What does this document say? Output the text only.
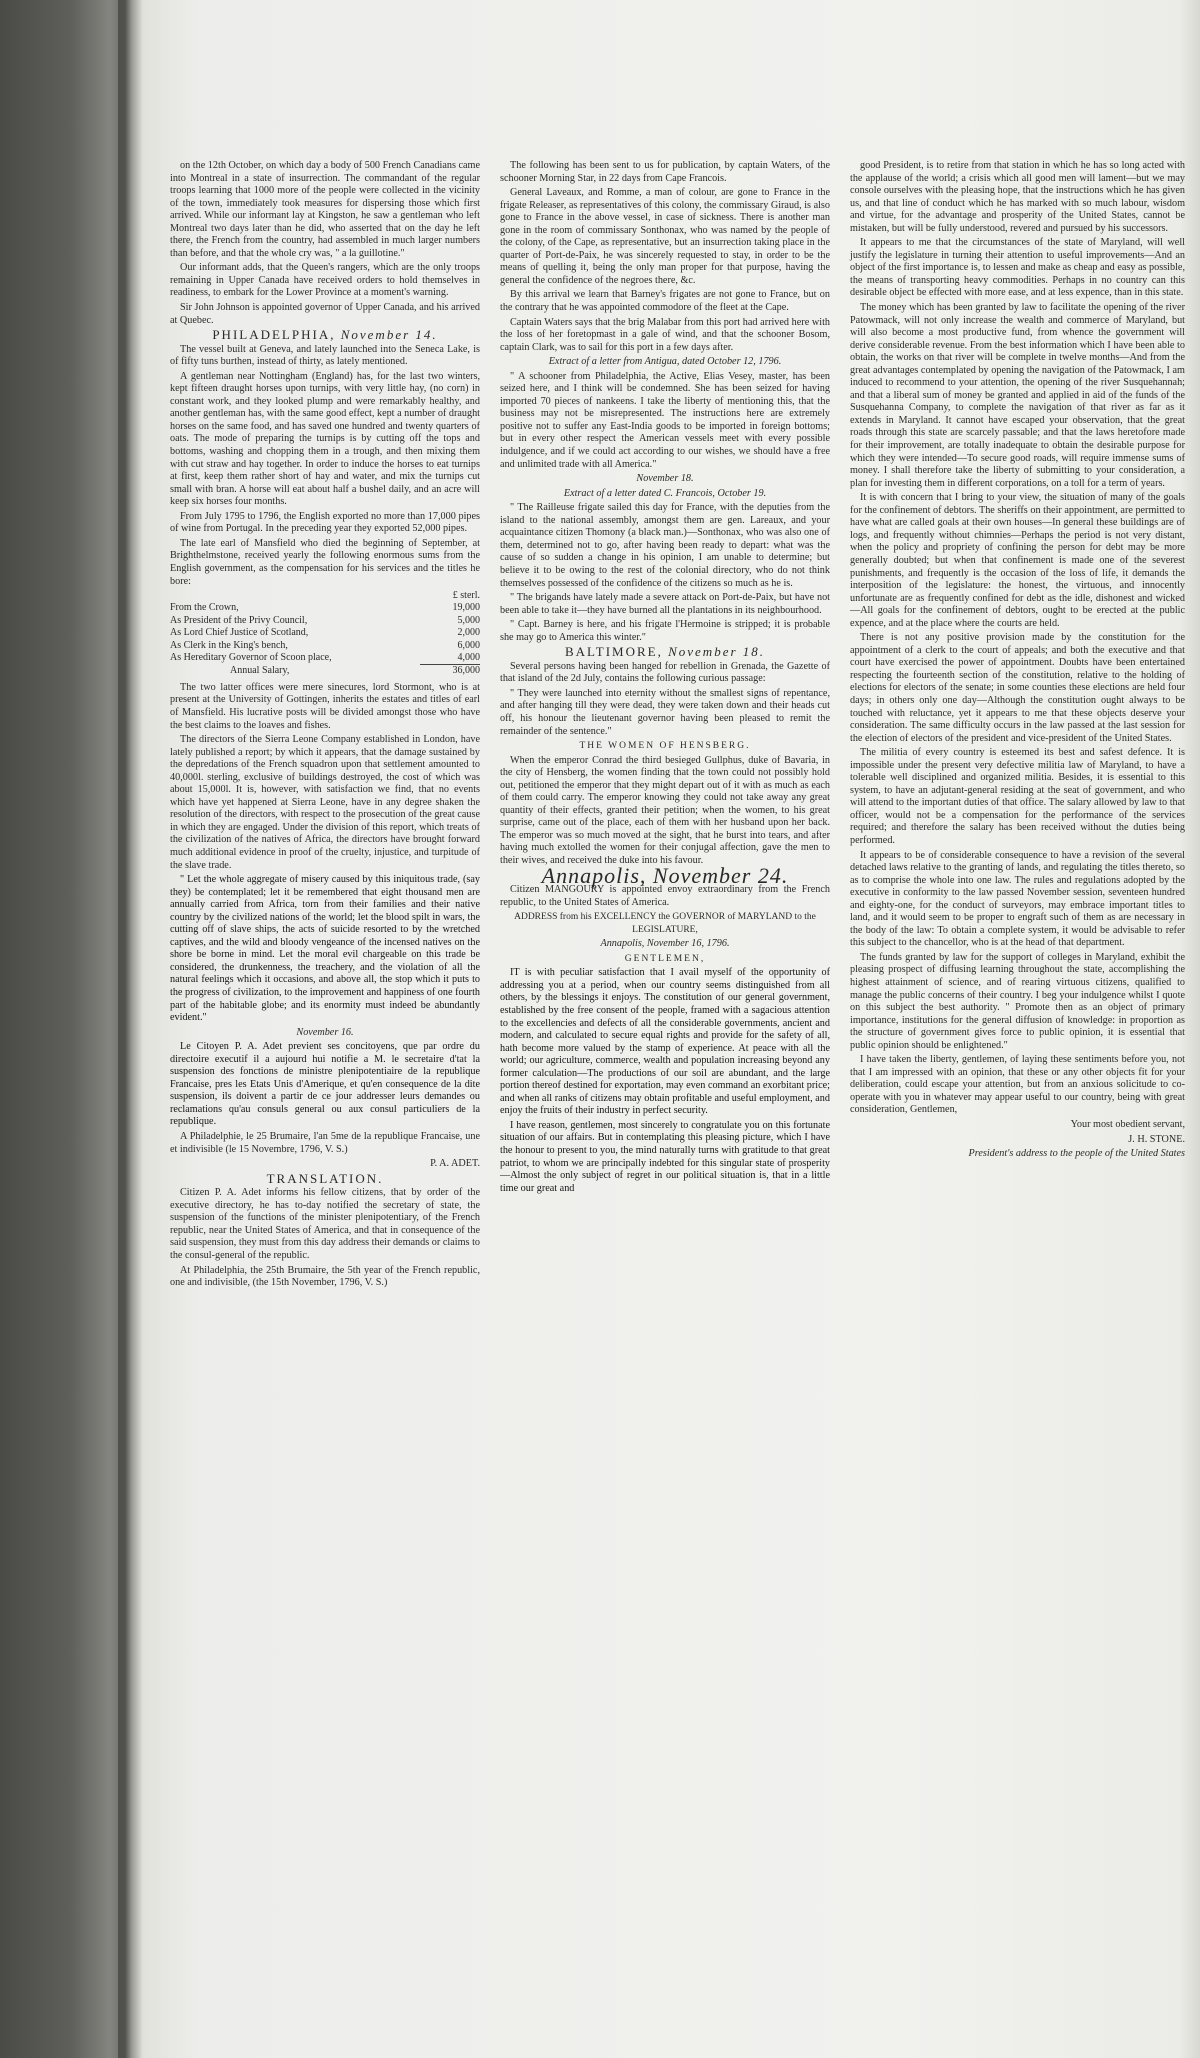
on the 12th October, on which day a body of 500 French Canadians came into Montreal in a state of insurrection. The commandant of the regular troops learning that 1000 more of the people were collected in the vicinity of the town, immediately took measures for dispersing those which first arrived. While our informant lay at Kingston, he saw a gentleman who left Montreal two days later than he did, who asserted that on the day he left there, the French from the country, had assembled in much larger numbers than before, and that the whole cry was, " a la guillotine."

Our informant adds, that the Queen's rangers, which are the only troops remaining in Upper Canada have received orders to hold themselves in readiness, to embark for the Lower Province at a moment's warning.

Sir John Johnson is appointed governor of Upper Canada, and his arrived at Quebec.

PHILADELPHIA, November 14.

The vessel built at Geneva, and lately launched into the Seneca Lake, is of fifty tuns burthen, instead of thirty, as lately mentioned.

A gentleman near Nottingham (England) has, for the last two winters, kept fifteen draught horses upon turnips, with very little hay, (no corn) in constant work, and they looked plump and were remarkably healthy, and another gentleman has, with the same good effect, kept a number of draught horses on the same food, and has saved one hundred and twenty quarters of oats. The mode of preparing the turnips is by cutting off the tops and bottoms, washing and chopping them in a trough, and then mixing them with cut straw and hay together. In order to induce the horses to eat turnips at first, keep them rather short of hay and water, and mix the turnips cut small with bran. A horse will eat about half a bushel daily, and an acre will keep six horses four months.

From July 1795 to 1796, the English exported no more than 17,000 pipes of wine from Portugal. In the preceding year they exported 52,000 pipes.

The late earl of Mansfield who died the beginning of September, at Brighthelmstone, received yearly the following enormous sums from the English government, as the compensation for his services and the titles he bore:

	£ sterl.
From the Crown,	19,000
As President of the Privy Council,	5,000
As Lord Chief Justice of Scotland,	2,000
As Clerk in the King's bench,	6,000
As Hereditary Governor of Scoon place,	4,000
Annual Salary,	36,000

The two latter offices were mere sinecures, lord Stormont, who is at present at the University of Gottingen, inherits the estates and titles of earl of Mansfield. His lucrative posts will be divided amongst those who have the best claims to the loaves and fishes.

The directors of the Sierra Leone Company established in London, have lately published a report; by which it appears, that the damage sustained by the depredations of the French squadron upon that settlement amounted to 40,000l. sterling, exclusive of buildings destroyed, the cost of which was about 15,000l. It is, however, with satisfaction we find, that no events which have yet happened at Sierra Leone, have in any degree shaken the resolution of the directors, with respect to the prosecution of the great cause in which they are engaged. Under the division of this report, which treats of the civilization of the natives of Africa, the directors have brought forward much additional evidence in proof of the cruelty, injustice, and turpitude of the slave trade.

" Let the whole aggregate of misery caused by this iniquitous trade, (say they) be contemplated; let it be remembered that eight thousand men are annually carried from Africa, torn from their families and their native country by the civilized nations of the world; let the blood spilt in wars, the cutting off of slave ships, the acts of suicide resorted to by the wretched captives, and the wild and bloody vengeance of the incensed natives on the shore be borne in mind. Let the moral evil chargeable on this trade be considered, the drunkenness, the treachery, and the violation of all the natural feelings which it occasions, and above all, the stop which it puts to the progress of civilization, to the improvement and happiness of one fourth part of the habitable globe; and its enormity must indeed be abundantly evident."

November 16.

Le Citoyen P. A. Adet previent ses concitoyens, que par ordre du directoire executif il a aujourd hui notifie a M. le secretaire d'tat la suspension des fonctions de ministre plenipotentiaire de la republique Francaise, pres les Etats Unis d'Amerique, et qu'en consequence de la dite suspension, ils doivent a partir de ce jour addresser leurs demandes ou reclamations qu'au consuls general ou aux consul particuliers de la republique.

A Philadelphie, le 25 Brumaire, l'an 5me de la republique Francaise, une et indivisible (le 15 Novembre, 1796, V. S.)

P. A. ADET.

TRANSLATION.

Citizen P. A. Adet informs his fellow citizens, that by order of the executive directory, he has to-day notified the secretary of state, the suspension of the functions of the minister plenipotentiary, of the French republic, near the United States of America, and that in consequence of the said suspension, they must from this day address their demands or claims to the consul-general of the republic.

At Philadelphia, the 25th Brumaire, the 5th year of the French republic, one and indivisible, (the 15th November, 1796, V. S.)

The following has been sent to us for publication, by captain Waters, of the schooner Morning Star, in 22 days from Cape Francois.

General Laveaux, and Romme, a man of colour, are gone to France in the frigate Releaser, as representatives of this colony, the commissary Giraud, is also gone to France in the above vessel, in case of sickness. There is another man gone in the room of commissary Sonthonax, who was named by the people of the colony, of the Cape, as representative, but an insurrection taking place in the quarter of Port-de-Paix, he was sincerely requested to stay, in order to be the means of quelling it, being the only man proper for that purpose, having the general the confidence of the negroes there, &c.

By this arrival we learn that Barney's frigates are not gone to France, but on the contrary that he was appointed commodore of the fleet at the Cape.

Captain Waters says that the brig Malabar from this port had arrived here with the loss of her foretopmast in a gale of wind, and that the schooner Bosom, captain Clark, was to sail for this port in a few days after.

Extract of a letter from Antigua, dated October 12, 1796.

" A schooner from Philadelphia, the Active, Elias Vesey, master, has been seized here, and I think will be condemned. She has been seized for having imported 70 pieces of nankeens. I take the liberty of mentioning this, that the business may not be misrepresented. The instructions here are extremely positive not to suffer any East-India goods to be imported in foreign bottoms; but in every other respect the American vessels meet with every possible indulgence, and if we could act according to our wishes, we should have a free and unlimited trade with all America."

November 18.

Extract of a letter dated C. Francois, October 19.

" The Railleuse frigate sailed this day for France, with the deputies from the island to the national assembly, amongst them are gen. Lareaux, and your acquaintance citizen Thomony (a black man.)—Sonthonax, who was also one of them, determined not to go, after having been ready to depart: what was the cause of so sudden a change in his opinion, I am unable to determine; but believe it to be owing to the rest of the colonial directory, who do not think themselves possessed of the confidence of the citizens so much as he is.

" The brigands have lately made a severe attack on Port-de-Paix, but have not been able to take it—they have burned all the plantations in its neighbourhood.

" Capt. Barney is here, and his frigate l'Hermoine is stripped; it is probable she may go to America this winter."

BALTIMORE, November 18.

Several persons having been hanged for rebellion in Grenada, the Gazette of that island of the 2d July, contains the following curious passage:

" They were launched into eternity without the smallest signs of repentance, and after hanging till they were dead, they were taken down and their heads cut off, his honour the lieutenant governor having been pleased to remit the remainder of the sentence."

THE WOMEN OF HENSBERG.

When the emperor Conrad the third besieged Gullphus, duke of Bavaria, in the city of Hensberg, the women finding that the town could not possibly hold out, petitioned the emperor that they might depart out of it with as much as each of them could carry. The emperor knowing they could not take away any great quantity of their effects, granted their petition; when the women, to his great surprise, came out of the place, each of them with her husband upon her back. The emperor was so much moved at the sight, that he burst into tears, and after having much extolled the women for their conjugal affection, gave the men to their wives, and received the duke into his favour.

Annapolis, November 24.

Citizen MANGOURY is appointed envoy extraordinary from the French republic, to the United States of America.

ADDRESS from his EXCELLENCY the GOVERNOR of MARYLAND to the LEGISLATURE,

Annapolis, November 16, 1796.

GENTLEMEN,

IT is with peculiar satisfaction that I avail myself of the opportunity of addressing you at a period, when our country seems distinguished from all others, by the blessings it enjoys. The constitution of our general government, established by the free consent of the people, framed with a sagacious attention to the excellencies and defects of all the considerable governments, ancient and modern, and calculated to secure equal rights and provide for the safety of all, hath become more valued by the stamp of experience. At peace with all the world; our agriculture, commerce, wealth and population increasing beyond any former calculation—The productions of our soil are abundant, and the large portion thereof destined for exportation, may even command an exorbitant price; and when all ranks of citizens may obtain profitable and useful employment, and enjoy the fruits of their industry in perfect security.

I have reason, gentlemen, most sincerely to congratulate you on this fortunate situation of our affairs. But in contemplating this pleasing picture, which I have the honour to present to you, the mind naturally turns with gratitude to that great patriot, to whom we are principally indebted for this singular state of prosperity—Almost the only subject of regret in our political situation is, that in a little time our great and

good President, is to retire from that station in which he has so long acted with the applause of the world; a crisis which all good men will lament—but we may console ourselves with the pleasing hope, that the instructions which he has given us, and that line of conduct which he has marked with so much labour, wisdom and virtue, for the advantage and prosperity of the United States, cannot be mistaken, but will be fully understood, revered and pursued by his successors.

It appears to me that the circumstances of the state of Maryland, will well justify the legislature in turning their attention to useful improvements—And an object of the first importance is, to lessen and make as cheap and easy as possible, the means of transporting heavy commodities. Perhaps in no country can this desirable object be effected with more ease, and at less expence, than in this state.

The money which has been granted by law to facilitate the opening of the river Patowmack, will not only increase the wealth and commerce of Maryland, but will also become a most productive fund, from whence the government will derive considerable revenue. From the best information which I have been able to obtain, the works on that river will be complete in twelve months—And from the great advantages contemplated by opening the navigation of the Patowmack, I am induced to recommend to your attention, the opening of the river Susquehannah; and that a liberal sum of money be granted and applied in aid of the funds of the Susquehanna Company, to complete the navigation of that river as far as it extends in Maryland. It cannot have escaped your observation, that the great roads through this state are scarcely passable; and that the laws heretofore made for their improvement, are totally inadequate to obtain the desirable purpose for which they were intended—To secure good roads, will require immense sums of money. I shall therefore take the liberty of submitting to your consideration, a plan for investing them in different corporations, on a toll for a term of years.

It is with concern that I bring to your view, the situation of many of the goals for the confinement of debtors. The sheriffs on their appointment, are permitted to have what are called goals at their own houses—In general these buildings are of logs, and frequently without chimnies—Perhaps the period is not very distant, when the policy and propriety of confining the person for debt may be more generally doubted; but when that confinement is made one of the severest punishments, and frequently is the occasion of the loss of life, it demands the interposition of the legislature: the honest, the virtuous, and innocently unfortunate are as frequently confined for debt as the idle, dishonest and wicked—All goals for the confinement of debtors, ought to be erected at the public expence, and at the place where the courts are held.

There is not any positive provision made by the constitution for the appointment of a clerk to the court of appeals; and both the executive and that court have exercised the power of appointment. Doubts have been entertained respecting the fourteenth section of the constitution, relative to the holding of elections for electors of the senate; in some counties these elections are held four days; in others only one day—Although the constitution ought always to be touched with reluctance, yet it appears to me that these objects deserve your consideration. The same difficulty occurs in the law passed at the last session for the election of electors of the president and vice-president of the United States.

The militia of every country is esteemed its best and safest defence. It is impossible under the present very defective militia law of Maryland, to have a tolerable well disciplined and organized militia. Besides, it is essential to this system, to have an adjutant-general residing at the seat of government, and who will attend to the important duties of that office. The salary allowed by law to that officer, would not be a compensation for the performance of the services required; and therefore the salary has been received without the duties being performed.

It appears to be of considerable consequence to have a revision of the several detached laws relative to the granting of lands, and regulating the titles thereto, so as to comprise the whole into one law. The rules and regulations adopted by the executive in conformity to the law passed November session, seventeen hundred and eighty-one, for the conduct of surveyors, may embrace important titles to land, and it would seem to be proper to engraft such of them as are necessary in the body of the law: To obtain a complete system, it would be advisable to refer this subject to the chancellor, who is at the head of that department.

The funds granted by law for the support of colleges in Maryland, exhibit the pleasing prospect of diffusing learning throughout the state, accomplishing the highest attainment of science, and of rearing virtuous citizens, qualified to manage the public concerns of their country. I beg your indulgence whilst I quote on this subject the best authority. " Promote then as an object of primary importance, institutions for the general diffusion of knowledge: in proportion as the structure of government gives force to public opinion, it is essential that public opinion should be enlightened."

I have taken the liberty, gentlemen, of laying these sentiments before you, not that I am impressed with an opinion, that these or any other objects fit for your deliberation, could escape your attention, but from an anxious solicitude to co-operate with you in whatever may appear useful to our country, being with great consideration, Gentlemen,

Your most obedient servant,

J. H. STONE.

President's address to the people of the United States
